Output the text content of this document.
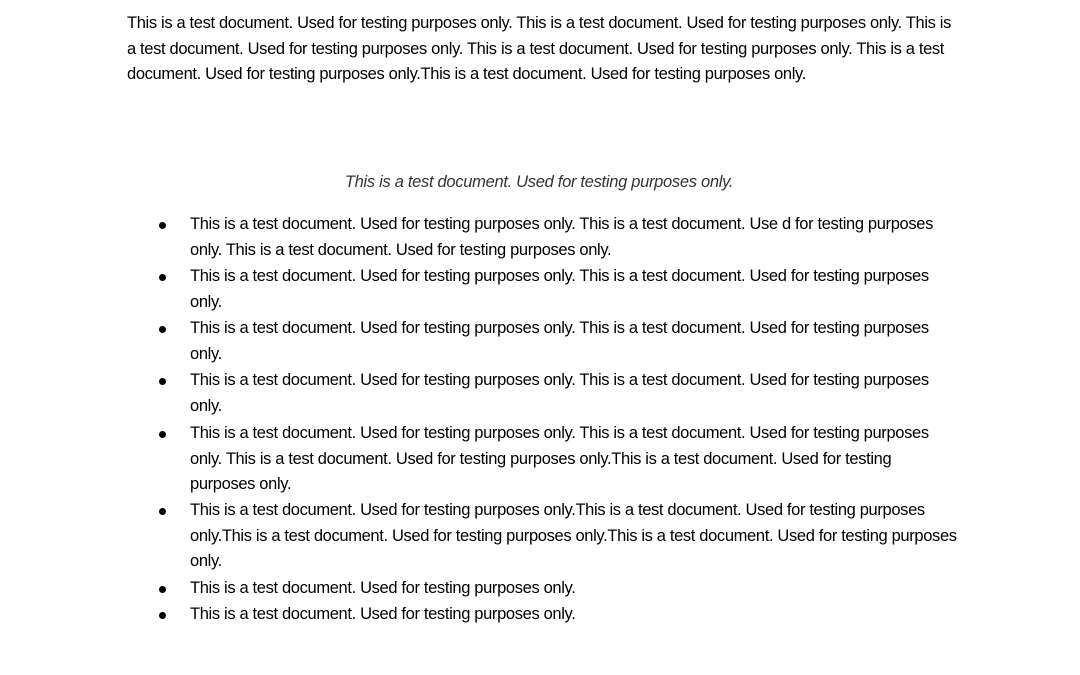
This is a test document. Used for testing purposes only. This is a test document. Used for testing purposes only. This is a test document. Used for testing purposes only. This is a test document. Used for testing purposes only. This is a test document. Used for testing purposes only.This is a test document. Used for testing purposes only.

This is a test document. Used for testing purposes only.

This is a test document. Used for testing purposes only. This is a test document. Use d for testing purposes only. This is a test document. Used for testing purposes only.

This is a test document. Used for testing purposes only. This is a test document. Used for testing purposes only.

This is a test document. Used for testing purposes only. This is a test document. Used for testing purposes only.

This is a test document. Used for testing purposes only. This is a test document. Used for testing purposes only.

This is a test document. Used for testing purposes only. This is a test document. Used for testing purposes only. This is a test document. Used for testing purposes only.This is a test document. Used for testing purposes only.

This is a test document. Used for testing purposes only.This is a test document. Used for testing purposes only.This is a test document. Used for testing purposes only.This is a test document. Used for testing purposes only.

This is a test document. Used for testing purposes only.

This is a test document. Used for testing purposes only.
